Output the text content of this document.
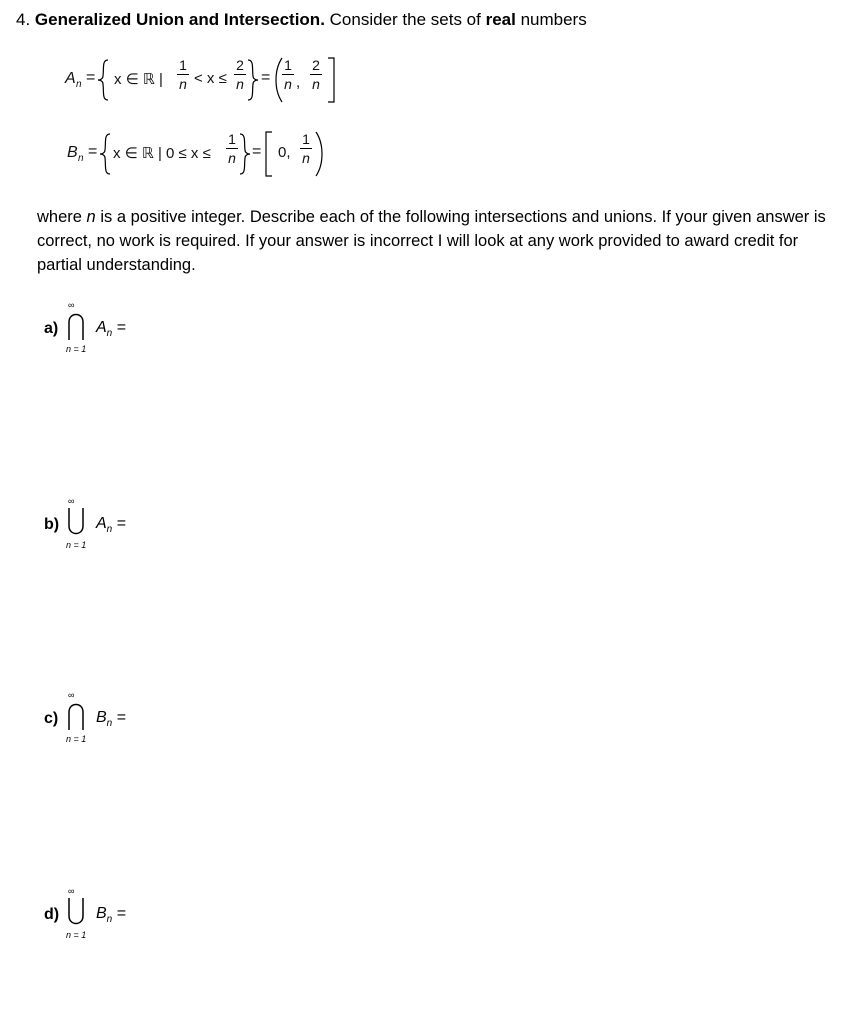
4. Generalized Union and Intersection. Consider the sets of real numbers
A n = x ∈ ℝ |
1
n < x ≤
2
n =
1
n ,
2
n
B n = x ∈ ℝ | 0 ≤ x ≤
1
n = 0,
1
n
where n is a positive integer. Describe each of the following intersections and unions. If your given answer is correct, no work is required. If your answer is incorrect I will look at any work provided to award credit for partial understanding.
a)
∞
n = 1
$A_n$ =
b)
∞
n = 1
$A_n$ =
c)
∞
n = 1
$B_n$ =
d)
∞
n = 1
$B_n$ =
